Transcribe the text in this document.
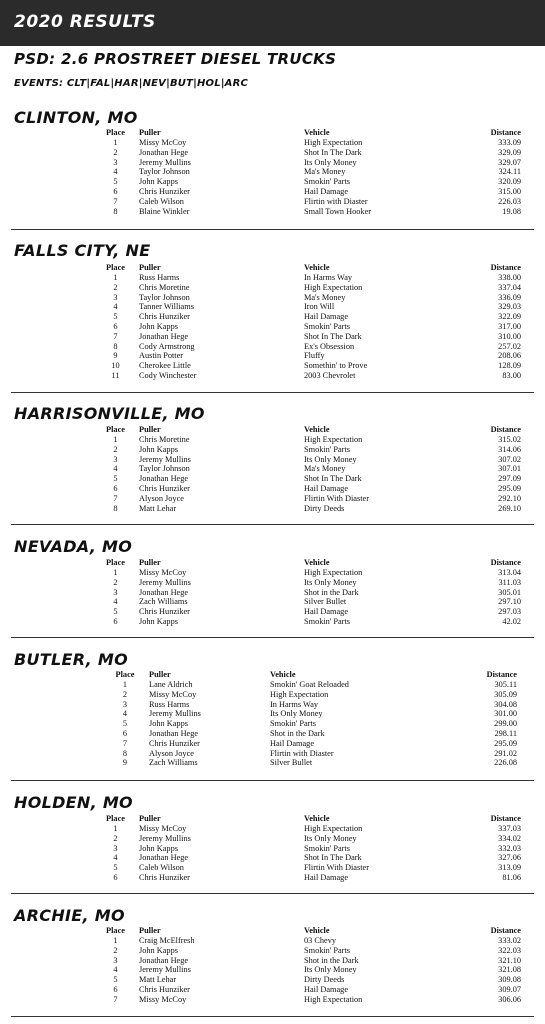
2020 RESULTS
PSD: 2.6 PROSTREET DIESEL TRUCKS
EVENTS: CLT|FAL|HAR|NEV|BUT|HOL|ARC
CLINTON, MO
Place	Puller	Vehicle	Distance
1	Missy McCoy	High Expectation	333.09
2	Jonathan Hege	Shot In The Dark	329.09
3	Jeremy Mullins	Its Only Money	329.07
4	Taylor Johnson	Ma's Money	324.11
5	John Kapps	Smokin' Parts	320.09
6	Chris Hunziker	Hail Damage	315.00
7	Caleb Wilson	Flirtin with Diaster	226.03
8	Blaine Winkler	Small Town Hooker	19.08
FALLS CITY, NE
Place	Puller	Vehicle	Distance
1	Russ Harms	In Harms Way	338.00
2	Chris Moretine	High Expectation	337.04
3	Taylor Johnson	Ma's Money	336.09
4	Tanner Williams	Iron Will	329.03
5	Chris Hunziker	Hail Damage	322.09
6	John Kapps	Smokin' Parts	317.00
7	Jonathan Hege	Shot In The Dark	310.00
8	Cody Armstrong	Ex's Obsession	257.02
9	Austin Potter	Fluffy	208.06
10	Cherokee Little	Somethin' to Prove	128.09
11	Cody Winchester	2003 Chevrolet	83.00
HARRISONVILLE, MO
Place	Puller	Vehicle	Distance
1	Chris Moretine	High Expectation	315.02
2	John Kapps	Smokin' Parts	314.06
3	Jeremy Mullins	Its Only Money	307.02
4	Taylor Johnson	Ma's Money	307.01
5	Jonathan Hege	Shot In The Dark	297.09
6	Chris Hunziker	Hail Damage	295.09
7	Alyson Joyce	Flirtin With Diaster	292.10
8	Matt Lehar	Dirty Deeds	269.10
NEVADA, MO
Place	Puller	Vehicle	Distance
1	Missy McCoy	High Expectation	313.04
2	Jeremy Mullins	Its Only Money	311.03
3	Jonathan Hege	Shot in the Dark	305.01
4	Zach Williams	Silver Bullet	297.10
5	Chris Hunziker	Hail Damage	297.03
6	John Kapps	Smokin' Parts	42.02
BUTLER, MO
Place	Puller	Vehicle	Distance
1	Lane Aldrich	Smokin' Goat Reloaded	305.11
2	Missy McCoy	High Expectation	305.09
3	Russ Harms	In Harms Way	304.08
4	Jeremy Mullins	Its Only Money	301.00
5	John Kapps	Smokin' Parts	299.00
6	Jonathan Hege	Shot in the Dark	298.11
7	Chris Hunziker	Hail Damage	295.09
8	Alyson Joyce	Flirtin with Diaster	291.02
9	Zach Williams	Silver Bullet	226.08
HOLDEN, MO
Place	Puller	Vehicle	Distance
1	Missy McCoy	High Expectation	337.03
2	Jeremy Mullins	Its Only Money	334.02
3	John Kapps	Smokin' Parts	332.03
4	Jonathan Hege	Shot In The Dark	327.06
5	Caleb Wilson	Flirtin With Diaster	313.09
6	Chris Hunziker	Hail Damage	81.06
ARCHIE, MO
Place	Puller	Vehicle	Distance
1	Craig McElfresh	03 Chevy	333.02
2	John Kapps	Smokin' Parts	322.03
3	Jonathan Hege	Shot in the Dark	321.10
4	Jeremy Mullins	Its Only Money	321.08
5	Matt Lehar	Dirty Deeds	309.08
6	Chris Hunziker	Hail Damage	309.07
7	Missy McCoy	High Expectation	306.06
